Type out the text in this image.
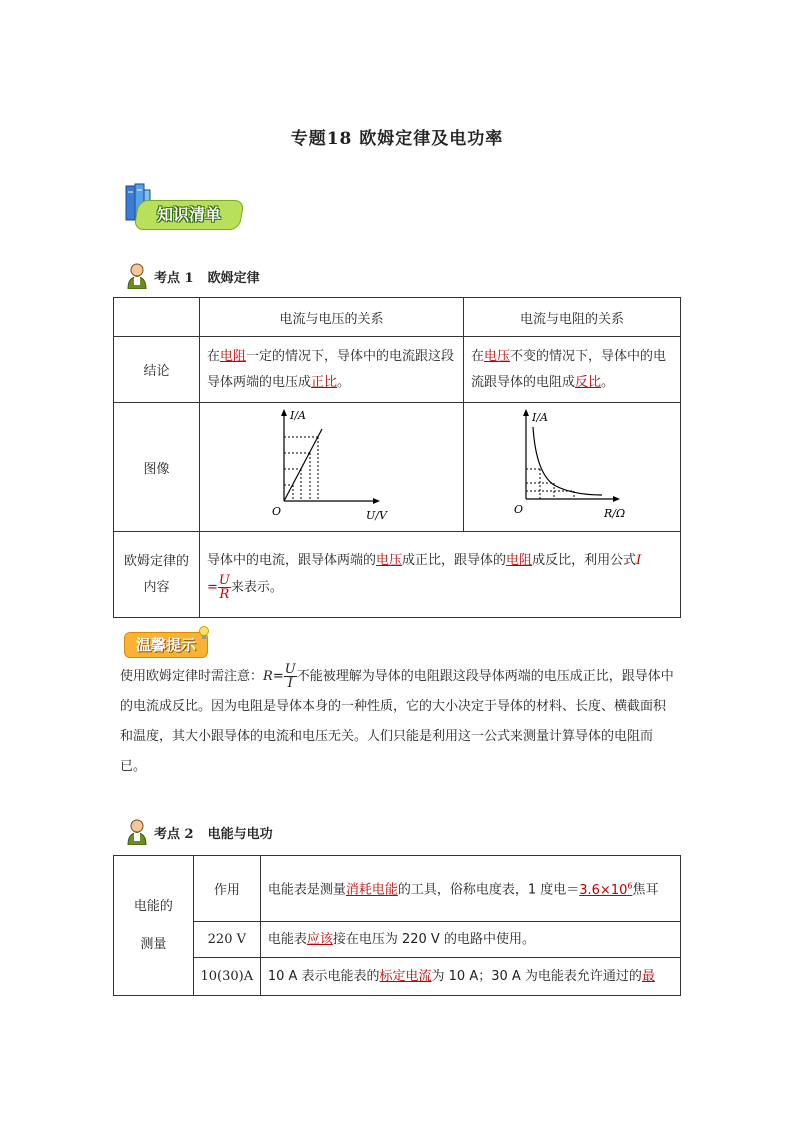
专题18 欧姆定律及电功率
知识清单
考点 1 欧姆定律
	电流与电压的关系	电流与电阻的关系
结论	在电阻一定的情况下，导体中的电流跟这段导体两端的电压成正比。	在电压不变的情况下，导体中的电流跟导体的电阻成反比。

图像	I/A
U/V
O	I/A
R/Ω
O

欧姆定律的
内容	导体中的电流，跟导体两端的电压成正比，跟导体的电阻成反比，利用公式I
= $\frac{U}{R}$ 来表示。	
温馨提示
使用欧姆定律时需注意：$R= \frac{U}{I}$ 不能被理解为导体的电阻跟这段导体两端的电压成正比，跟导体中的电流成反比。因为电阻是导体本身的一种性质，它的大小决定于导体的材料、长度、横截面积和温度，其大小跟导体的电流和电压无关。人们只能是利用这一公式来测量计算导体的电阻而已。
考点 2 电能与电功
电能的
测量	作用	电能表是测量消耗电能的工具，俗称电度表，1 度电$=3.6\times 10^6$焦耳

	220 V	电能表应该接在电压为 220 V 的电路中使用。

	10(30)A	10 A 表示电能表的标定电流为 10 A；30 A 为电能表允许通过的最
